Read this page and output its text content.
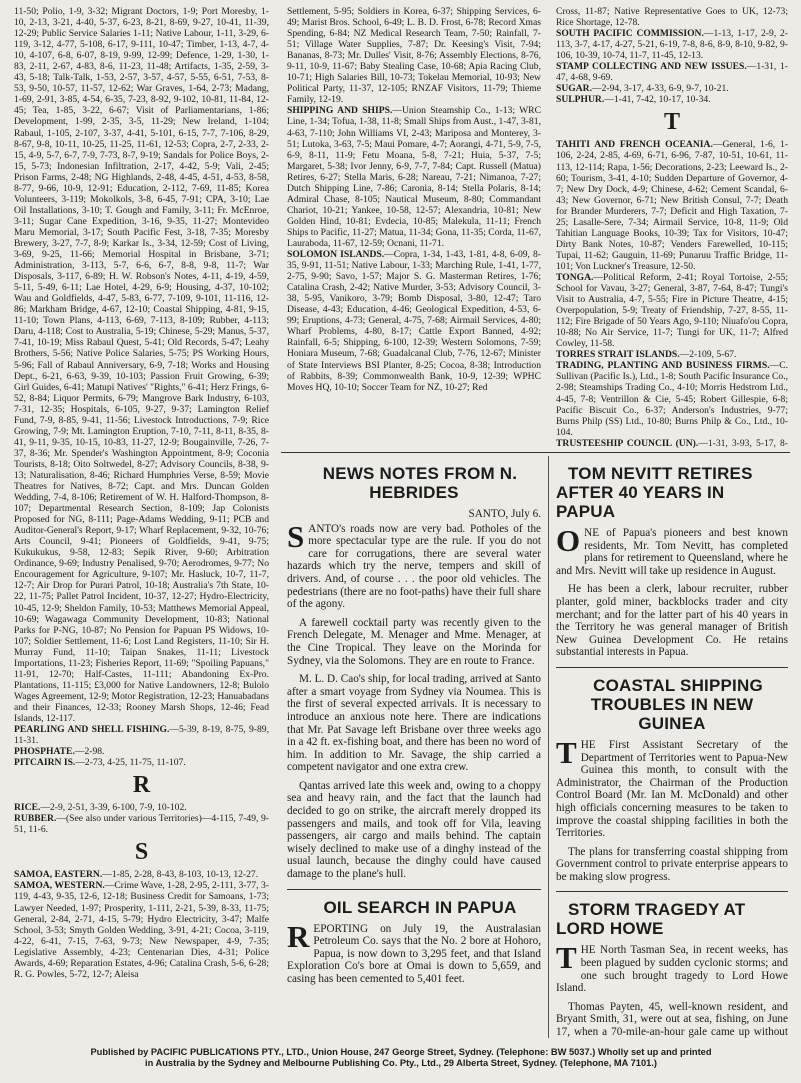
11-50; Polio, 1-9, 3-32; Migrant Doctors, 1-9; Port Moresby, 1-10, 2-13, 3-21, 4-40, 5-37, 6-23, 8-21, 8-69, 9-27, 10-41, 11-39, 12-29; Public Service Salaries 1-11; Native Labour, 1-11, 3-29, 6-119, 3-12, 4-77, 5-108, 6-17, 9-111, 10-47; Timber, 1-13, 4-7, 4-10, 4-107, 6-8, 6-07, 8-19, 9-99, 12-99; Defence, 1-29, 1-30, 1-83, 2-11, 2-67, 4-83, 8-6, 11-23, 11-48; Artifacts, 1-35, 2-59, 3-43, 5-18; Talk-Talk, 1-53, 2-57, 3-57, 4-57, 5-55, 6-51, 7-53, 8-53, 9-50, 10-57, 11-57, 12-62; War Graves, 1-64, 2-73; Madang, 1-69, 2-91, 3-85, 4-54, 6-35, 7-23, 8-92, 9-102, 10-81, 11-84, 12-45; Tea, 1-85, 3-22, 6-67; Visit of Parliamentarians, 1-86; Development, 1-99, 2-35, 3-5, 11-29; New Ireland, 1-104; Rabaul, 1-105, 2-107, 3-37, 4-41, 5-101, 6-15, 7-7, 7-106, 8-29, 8-67, 9-8, 10-11, 10-25, 11-25, 11-61, 12-53; Copra, 2-7, 2-33, 2-15, 4-9, 5-7, 6-7, 7-9, 7-73, 8-7, 9-19; Sandals for Police Boys, 2-15, 5-73; Indonesian Infiltration, 2-17, 4-42, 5-9; Vali, 2-45; Prison Farms, 2-48; NG Highlands, 2-48, 4-45, 4-51, 4-53, 8-58, 8-77, 9-66, 10-9, 12-91; Education, 2-112, 7-69, 11-85; Korea Volunteers, 3-119; Mokolkols, 3-8, 6-45, 7-91; CPA, 3-10; Lae Oil Installations, 3-10; T. Gough and Family, 3-11; Fr. McEnroe, 3-11; Sugar Cane Expedition, 3-16, 9-35, 11-27; Montevideo Maru Memorial, 3-17; South Pacific Fest, 3-18, 7-35; Moresby Brewery, 3-27, 7-7, 8-9; Karkar Is., 3-34, 12-59; Cost of Living, 3-69, 9-25, 11-66; Memorial Hospital in Brisbane, 3-71; Administration, 3-113, 5-7, 6-6, 6-7, 8-8, 9-8, 11-7; War Disposals, 3-117, 6-89; H. W. Robson's Notes, 4-11, 4-19, 4-59, 5-11, 5-49, 6-11; Lae Hotel, 4-29, 6-9; Housing, 4-37, 10-102; Wau and Goldfields, 4-47, 5-83, 6-77, 7-109, 9-101, 11-116, 12-86; Markham Bridge, 4-67, 12-10; Coastal Shipping, 4-81, 9-15, 11-10; Town Plans, 4-113, 6-69, 7-113, 8-109; Rubber, 4-113; Daru, 4-118; Cost to Australia, 5-19; Chinese, 5-29; Manus, 5-37, 7-41, 10-19; Miss Rabaul Quest, 5-41; Old Records, 5-47; Leahy Brothers, 5-56; Native Police Salaries, 5-75; PS Working Hours, 5-96; Fall of Rabaul Anniversary, 6-9, 7-18; Works and Housing Dept., 6-21, 6-63, 9-39, 10-103; Passion Fruit Growing, 6-39; Girl Guides, 6-41; Matupi Natives' "Rights," 6-41; Herz Frings, 6-52, 8-84; Liquor Permits, 6-79; Mangrove Bark Industry, 6-103, 7-31, 12-35; Hospitals, 6-105, 9-27, 9-37; Lamington Relief Fund, 7-9, 8-85, 9-41, 11-56; Livestock Introductions, 7-9; Rice Growing, 7-9; Mt. Lamington Eruption, 7-10, 7-11, 8-11, 8-35, 8-41, 9-11, 9-35, 10-15, 10-83, 11-27, 12-9; Bougainville, 7-26, 7-37, 8-36; Mr. Spender's Washington Appointment, 8-9; Coconia Tourists, 8-18; Oito Soltwedel, 8-27; Advisory Councils, 8-38, 9-13; Naturalisation, 8-46; Richard Humphries Verse, 8-59; Movie Theatres for Natives, 8-72; Capt. and Mrs. Duncan Golden Wedding, 7-4, 8-106; Retirement of W. H. Halford-Thompson, 8-107; Departmental Research Section, 8-109; Jap Colonists Proposed for NG, 8-111; Page-Adams Wedding, 9-11; PCB and Auditor-General's Report, 9-17; Wharf Replacement, 9-32, 10-76; Arts Council, 9-41; Pioneers of Goldfields, 9-41, 9-75; Kukukukus, 9-58, 12-83; Sepik River, 9-60; Arbitration Ordinance, 9-69; Industry Penalised, 9-70; Aerodromes, 9-77; No Encouragement for Agriculture, 9-107; Mr. Hasluck, 10-7, 11-7, 12-7; Air Drop for Purari Patrol, 10-18; Australia's 7th State, 10-22, 11-75; Pallet Patrol Incident, 10-37, 12-27; Hydro-Electricity, 10-45, 12-9; Sheldon Family, 10-53; Matthews Memorial Appeal, 10-69; Wagawaga Community Development, 10-83; National Parks for P-NG, 10-87; No Pension for Papuan PS Widows, 10-107; Soldier Settlement, 11-6; Lost Land Registers, 11-10; Sir H. Murray Fund, 11-10; Taipan Snakes, 11-11; Livestock Importations, 11-23; Fisheries Report, 11-69; "Spoiling Papuans," 11-91, 12-70; Half-Castes, 11-111; Abandoning Ex-Pro. Plantations, 11-115; £3,000 for Native Landowners, 12-8; Bulolo Wages Agreement, 12-9; Motor Registration, 12-23; Hanuabadans and their Finances, 12-33; Rooney Marsh Shops, 12-46; Fead Islands, 12-117.

PEARLING AND SHELL FISHING.—5-39, 8-19, 8-75, 9-89, 11-31.

PHOSPHATE.—2-98.

PITCAIRN IS.—2-73, 4-25, 11-75, 11-107.

R

RICE.—2-9, 2-51, 3-39, 6-100, 7-9, 10-102.

RUBBER.—(See also under various Territories)—4-115, 7-49, 9-51, 11-6.

S

SAMOA, EASTERN.—1-85, 2-28, 8-43, 8-103, 10-13, 12-27.

SAMOA, WESTERN.—Crime Wave, 1-28, 2-95, 2-111, 3-77, 3-119, 4-43, 9-35, 12-6, 12-18; Business Credit for Samoans, 1-73; Lawyer Needed, 1-97; Prosperity, 1-111, 2-21, 5-39, 8-33, 11-75; General, 2-84, 2-71, 4-15, 5-79; Hydro Electricity, 3-47; Malfe School, 3-53; Smyth Golden Wedding, 3-91, 4-21; Cocoa, 3-119, 4-22, 6-41, 7-15, 7-63, 9-73; New Newspaper, 4-9, 7-35; Legislative Assembly, 4-23; Centenarian Dies, 4-31; Police Awards, 4-69; Reparation Estates, 4-96; Catalina Crash, 5-6, 6-28; R. G. Powles, 5-72, 12-7; Aleisa

Settlement, 5-95; Soldiers in Korea, 6-37; Shipping Services, 6-49; Marist Bros. School, 6-49; L. B. D. Frost, 6-78; Record Xmas Spending, 6-84; NZ Medical Research Team, 7-50; Rainfall, 7-51; Village Water Supplies, 7-87; Dr. Keesing's Visit, 7-94; Bananas, 8-73; Mr. Dulles' Visit, 8-76; Assembly Elections, 8-76, 9-11, 10-9, 11-67; Baby Stealing Case, 10-68; Apia Racing Club, 10-71; High Salaries Bill, 10-73; Tokelau Memorial, 10-93; New Political Party, 11-37, 12-105; RNZAF Visitors, 11-79; Thieme Family, 12-19.

SHIPPING AND SHIPS.—Union Steamship Co., 1-13; WRC Line, 1-34; Tofua, 1-38, 11-8; Small Ships from Aust., 1-47, 3-81, 4-63, 7-110; John Williams VI, 2-43; Mariposa and Monterey, 3-51; Lutoka, 3-63, 7-5; Maui Pomare, 4-7; Aorangi, 4-71, 5-9, 7-5, 6-9, 8-11, 11-9; Fetu Moana, 5-8, 7-21; Huia, 5-37, 7-5; Margaret, 5-38; Ivor Jenny, 6-9, 7-7, 7-84; Capt. Russell (Matua) Retires, 6-27; Stella Maris, 6-28; Nareau, 7-21; Nimanoa, 7-27; Dutch Shipping Line, 7-86; Caronia, 8-14; Stella Polaris, 8-14; Admiral Chase, 8-105; Nautical Museum, 8-80; Commandant Chariot, 10-21; Yankee, 10-58, 12-57; Alexandria, 10-81; New Golden Hind, 10-81; Evdecia, 10-85; Malekula, 11-11; French Ships to Pacific, 11-27; Matua, 11-34; Gona, 11-35; Corda, 11-67, Lauraboda, 11-67, 12-59; Ocnani, 11-71.

SOLOMON ISLANDS.—Copra, 1-34, 1-43, 1-81, 4-8, 6-09, 8-35, 9-91, 11-51; Native Labour, 1-33; Marching Rule, 1-41, 1-77, 2-75, 9-90; Savo, 1-57; Major S. G. Masterman Retires, 1-76; Catalina Crash, 2-42; Native Murder, 3-53; Advisory Council, 3-38, 5-95, Vanikoro, 3-79; Bomb Disposal, 3-80, 12-47; Taro Disease, 4-43; Education, 4-46; Geological Expedition, 4-53, 6-99; Eruptions, 4-73; General, 4-75, 7-68; Airmail Services, 4-80; Wharf Problems, 4-80, 8-17; Cattle Export Banned, 4-92; Rainfall, 6-5; Shipping, 6-100, 12-39; Western Solomons, 7-59; Honiara Museum, 7-68; Guadalcanal Club, 7-76, 12-67; Minister of State Interviews BSI Planter, 8-25; Cocoa, 8-38; Introduction of Rabbits, 8-39; Commonwealth Bank, 10-9, 12-39; WPHC Moves HQ, 10-10; Soccer Team for NZ, 10-27; Red

Cross, 11-87; Native Representative Goes to UK, 12-73; Rice Shortage, 12-78.

SOUTH PACIFIC COMMISSION.—1-13, 1-17, 2-9, 2-113, 3-7, 4-17, 4-27, 5-21, 6-19, 7-8, 8-6, 8-9, 8-10, 9-82, 9-106, 10-39, 10-74, 11-7, 11-45, 12-13.

STAMP COLLECTING AND NEW ISSUES.—1-31, 1-47, 4-68, 9-69.

SUGAR.—2-94, 3-17, 4-33, 6-9, 9-7, 10-21.

SULPHUR.—1-41, 7-42, 10-17, 10-34.

T

TAHITI AND FRENCH OCEANIA.—General, 1-6, 1-106, 2-24, 2-85, 4-69, 6-71, 6-96, 7-87, 10-51, 10-61, 11-113, 12-114; Rapa, 1-56; Decorations, 2-23; Leeward Is., 2-60; Tourism, 3-41, 4-10; Sudden Departure of Governor, 4-7; New Dry Dock, 4-9; Chinese, 4-62; Cement Scandal, 6-43; New Governor, 6-71; New British Consul, 7-7; Death for Brander Murderers, 7-7; Deficit and High Taxation, 7-25; Lasalle-Sere, 7-34; Airmail Service, 10-8, 11-9; Old Tahitian Language Books, 10-39; Tax for Visitors, 10-47; Dirty Bank Notes, 10-87; Venders Farewelled, 10-115; Tupai, 11-62; Gauguin, 11-69; Punaruu Traffic Bridge, 11-101; Von Luckner's Treasure, 12-50.

TONGA.—Political Reform, 2-41; Royal Tortoise, 2-55; School for Vavau, 3-27; General, 3-87, 7-64, 8-47; Tungi's Visit to Australia, 4-7, 5-55; Fire in Picture Theatre, 4-15; Overpopulation, 5-9; Treaty of Friendship, 7-27, 8-55, 11-112; Fire Brigade of 50 Years Ago, 9-110; Niuafo'ou Copra, 10-88; No Air Service, 11-7; Tungi for UK, 11-7; Alfred Cowley, 11-58.

TORRES STRAIT ISLANDS.—2-109, 5-67.

TRADING, PLANTING AND BUSINESS FIRMS.—C. Sullivan (Pacific Is.), Ltd., 1-8; South Pacific Insurance Co., 2-98; Steamships Trading Co., 4-10; Morris Hedstrom Ltd., 4-45, 7-8; Ventrillon & Cie, 5-45; Robert Gillespie, 6-8; Pacific Biscuit Co., 6-37; Anderson's Industries, 9-77; Burns Philp (SS) Ltd., 10-80; Burns Philp & Co., Ltd., 10-104.

TRUSTEESHIP COUNCIL (UN).—1-31, 3-93, 5-17, 8-

NEWS NOTES FROM N. HEBRIDES

SANTO, July 6.

SANTO's roads now are very bad. Potholes of the more spectacular type are the rule. If you do not care for corrugations, there are several water hazards which try the nerve, tempers and skill of drivers. And, of course . . . the poor old vehicles. The pedestrians (there are no foot-paths) have their full share of the agony.

A farewell cocktail party was recently given to the French Delegate, M. Menager and Mme. Menager, at the Cine Tropical. They leave on the Morinda for Sydney, via the Solomons. They are en route to France.

M. L. D. Cao's ship, for local trading, arrived at Santo after a smart voyage from Sydney via Noumea. This is the first of several expected arrivals. It is necessary to introduce an anxious note here. There are indications that Mr. Pat Savage left Brisbane over three weeks ago in a 42 ft. ex-fishing boat, and there has been no word of him. In addition to Mr. Savage, the ship carried a competent navigator and one extra crew.

Qantas arrived late this week and, owing to a choppy sea and heavy rain, and the fact that the launch had decided to go on strike, the aircraft merely dropped its passengers and mails, and took off for Vila, leaving passengers, air cargo and mails behind. The captain wisely declined to make use of a dinghy instead of the usual launch, because the dinghy could have caused damage to the plane's hull.

OIL SEARCH IN PAPUA

REPORTING on July 19, the Australasian Petroleum Co. says that the No. 2 bore at Hohoro, Papua, is now down to 3,295 feet, and that Island Exploration Co's bore at Omai is down to 5,659, and casing has been cemented to 5,401 feet.

TOM NEVITT RETIRES AFTER 40 YEARS IN PAPUA

ONE of Papua's pioneers and best known residents, Mr. Tom Nevitt, has completed plans for retirement to Queensland, where he and Mrs. Nevitt will take up residence in August.

He has been a clerk, labour recruiter, rubber planter, gold miner, backblocks trader and city merchant; and for the latter part of his 40 years in the Territory he was general manager of British New Guinea Development Co. He retains substantial interests in Papua.

COASTAL SHIPPING TROUBLES IN NEW GUINEA

THE First Assistant Secretary of the Department of Territories went to Papua-New Guinea this month, to consult with the Administrator, the Chairman of the Production Control Board (Mr. Ian M. McDonald) and other high officials concerning measures to be taken to improve the coastal shipping facilities in both the Territories.

The plans for transferring coastal shipping from Government control to private enterprise appears to be making slow progress.

STORM TRAGEDY AT LORD HOWE

THE North Tasman Sea, in recent weeks, has been plagued by sudden cyclonic storms; and one such brought tragedy to Lord Howe Island.

Thomas Payten, 45, well-known resident, and Bryant Smith, 31, were out at sea, fishing, on June 17, when a 70-mile-an-hour gale came up without

Published by PACIFIC PUBLICATIONS PTY., LTD., Union House, 247 George Street, Sydney. (Telephone: BW 5037.) Wholly set up and printed
in Australia by the Sydney and Melbourne Publishing Co. Pty., Ltd., 29 Alberta Street, Sydney. (Telephone, MA 7101.)
